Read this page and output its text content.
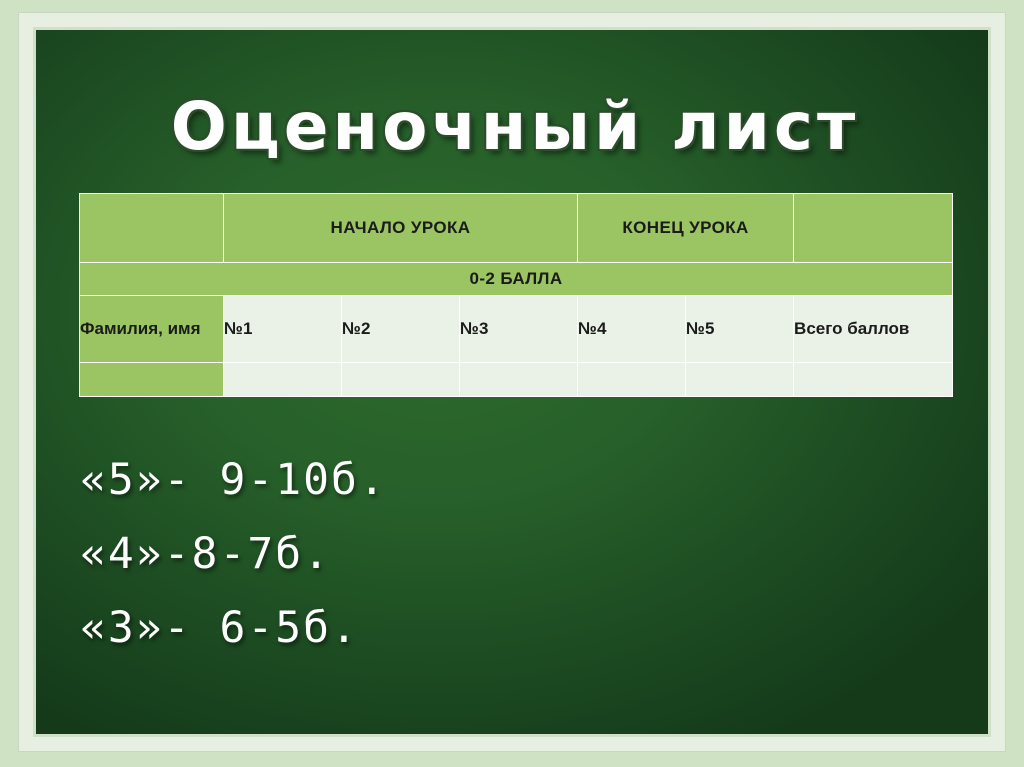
Оценочный лист
	НАЧАЛО УРОКА			КОНЕЦ УРОКА		
0-2 БАЛЛА						
Фамилия, имя	№1	№2	№3	№4	№5	Всего баллов

«5»- 9-10б.

«4»-8-7б.

«3»- 6-5б.
